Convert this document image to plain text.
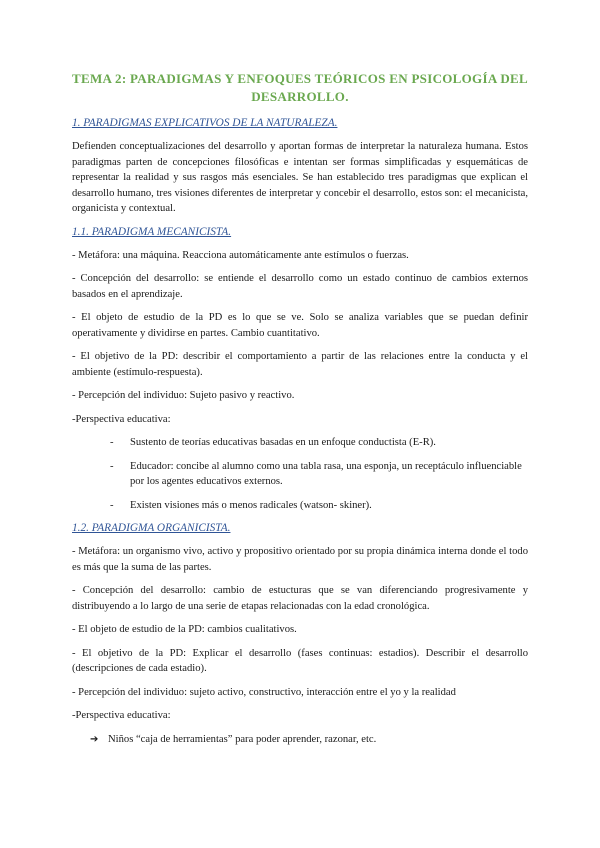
TEMA 2: PARADIGMAS Y ENFOQUES TEÓRICOS EN PSICOLOGÍA DEL DESARROLLO.
1. PARADIGMAS EXPLICATIVOS DE LA NATURALEZA.

Defienden conceptualizaciones del desarrollo y aportan formas de interpretar la naturaleza humana. Estos paradigmas parten de concepciones filosóficas e intentan ser formas simplificadas y esquemáticas de representar la realidad y sus rasgos más esenciales. Se han establecido tres paradigmas que explican el desarrollo humano, tres visiones diferentes de interpretar y concebir el desarrollo, estos son: el mecanicista, organicista y contextual.

1.1. PARADIGMA MECANICISTA.

- Metáfora: una máquina. Reacciona automáticamente ante estímulos o fuerzas.

- Concepción del desarrollo: se entiende el desarrollo como un estado continuo de cambios externos basados en el aprendizaje.

- El objeto de estudio de la PD es lo que se ve. Solo se analiza variables que se puedan definir operativamente y dividirse en partes. Cambio cuantitativo.

- El objetivo de la PD: describir el comportamiento a partir de las relaciones entre la conducta y el ambiente (estímulo-respuesta).

- Percepción del individuo: Sujeto pasivo y reactivo.

-Perspectiva educativa:

- Sustento de teorías educativas basadas en un enfoque conductista (E-R).
- Educador: concibe al alumno como una tabla rasa, una esponja, un receptáculo influenciable por los agentes educativos externos.
- Existen visiones más o menos radicales (watson- skiner).
1.2. PARADIGMA ORGANICISTA.

- Metáfora: un organismo vivo, activo y propositivo orientado por su propia dinámica interna donde el todo es más que la suma de las partes.

- Concepción del desarrollo: cambio de estucturas que se van diferenciando progresivamente y distribuyendo a lo largo de una serie de etapas relacionadas con la edad cronológica.

- El objeto de estudio de la PD: cambios cualitativos.

- El objetivo de la PD: Explicar el desarrollo (fases continuas: estadios). Describir el desarrollo (descripciones de cada estadio).

- Percepción del individuo: sujeto activo, constructivo, interacción entre el yo y la realidad

-Perspectiva educativa:

➔ Niños “caja de herramientas” para poder aprender, razonar, etc.
